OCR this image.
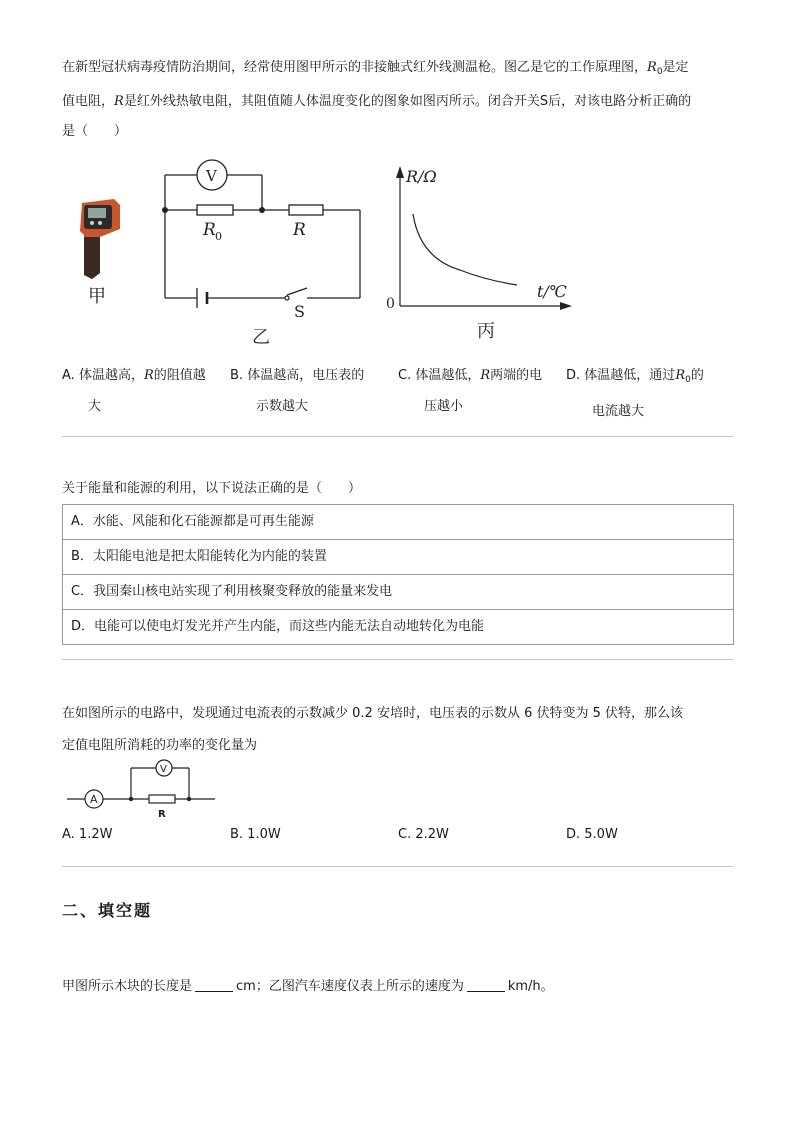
在新型冠状病毒疫情防治期间，经常使用图甲所示的非接触式红外线测温枪。图乙是它的工作原理图，$R_0$是定

值电阻，R是红外线热敏电阻，其阻值随人体温度变化的图象如图丙所示。闭合开关S后，对该电路分析正确的

是（　　）

甲
V
R 0	R
S
乙
R/Ω
t/℃
0
丙
A. 体温越高，R的阻值越
大
B. 体温越高，电压表的
示数越大
C. 体温越低，R两端的电
压越小
D. 体温越低，通过$R_0$的
电流越大
关于能量和能源的利用，以下说法正确的是（　　）
A．水能、风能和化石能源都是可再生能源
B．太阳能电池是把太阳能转化为内能的装置
C．我国秦山核电站实现了利用核聚变释放的能量来发电
D．电能可以使电灯发光并产生内能，而这些内能无法自动地转化为电能

在如图所示的电路中，发现通过电流表的示数减少 0.2 安培时，电压表的示数从 6 伏特变为 5 伏特，那么该

定值电阻所消耗的功率的变化量为

A
V
R
A. 1.2W	B. 1.0W	C. 2.2W	D. 5.0W
二、填空题
甲图所示木块的长度是	cm；乙图汽车速度仪表上所示的速度为	km/h。
